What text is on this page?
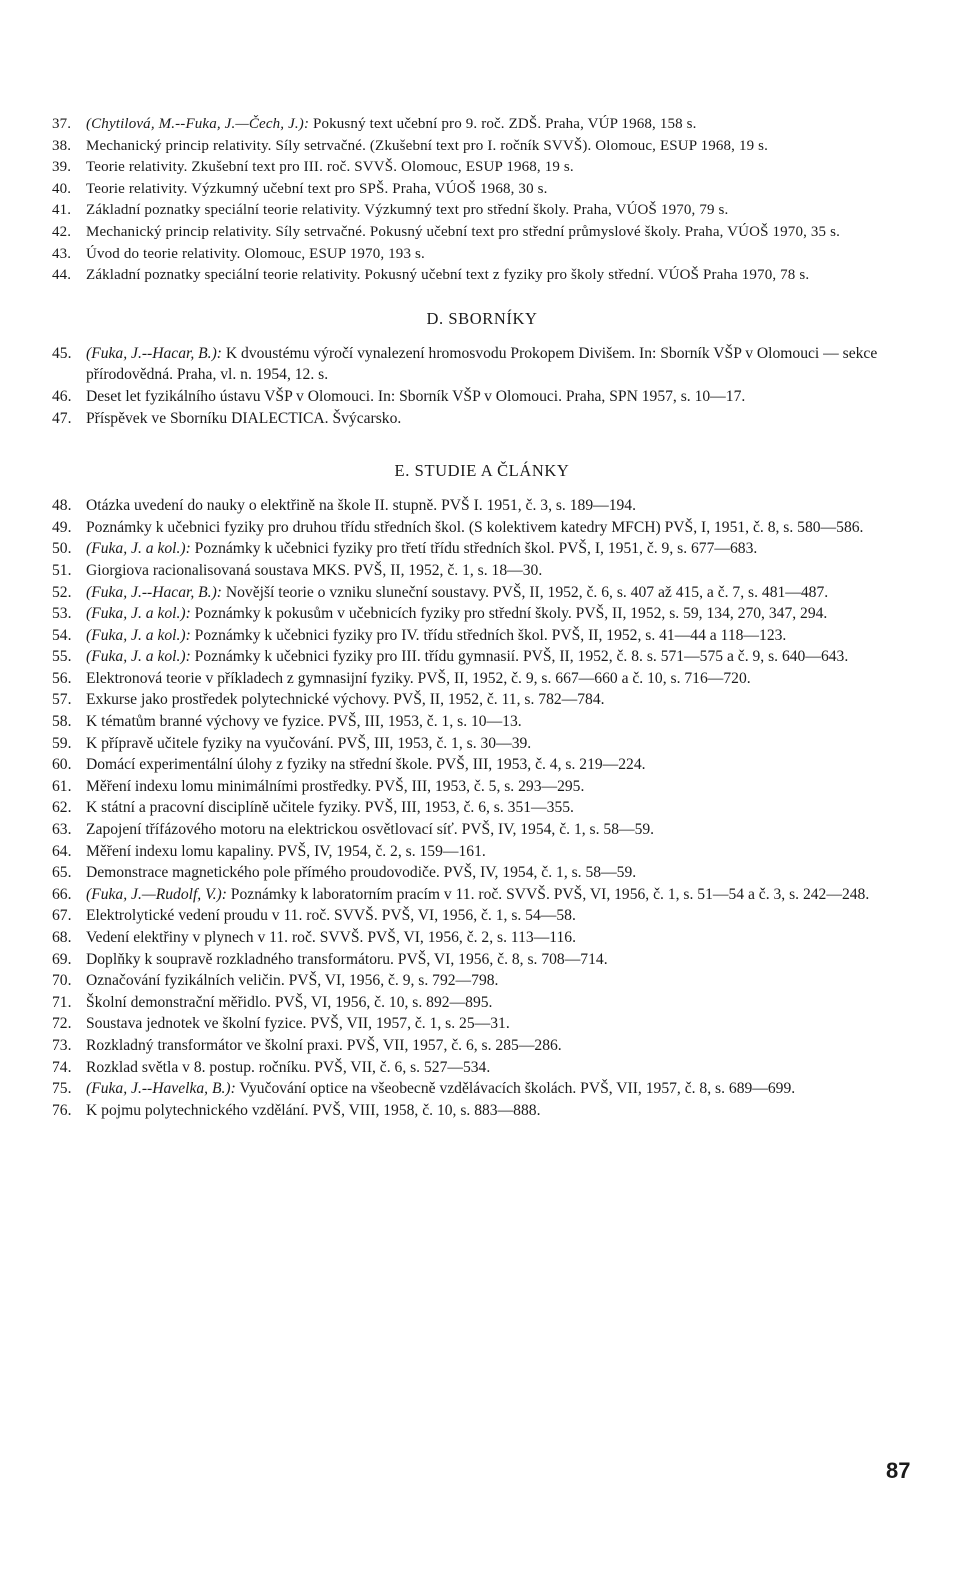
37. (Chytilová, M.--Fuka, J.—Čech, J.): Pokusný text učební pro 9. roč. ZDŠ. Praha, VÚP 1968, 158 s.
38. Mechanický princip relativity. Síly setrvačné. (Zkušební text pro I. ročník SVVŠ). Olomouc, ESUP 1968, 19 s.
39. Teorie relativity. Zkušební text pro III. roč. SVVŠ. Olomouc, ESUP 1968, 19 s.
40. Teorie relativity. Výzkumný učební text pro SPŠ. Praha, VÚOŠ 1968, 30 s.
41. Základní poznatky speciální teorie relativity. Výzkumný text pro střední školy. Praha, VÚOŠ 1970, 79 s.
42. Mechanický princip relativity. Síly setrvačné. Pokusný učební text pro střední průmyslové školy. Praha, VÚOŠ 1970, 35 s.
43. Úvod do teorie relativity. Olomouc, ESUP 1970, 193 s.
44. Základní poznatky speciální teorie relativity. Pokusný učební text z fyziky pro školy střední. VÚOŠ Praha 1970, 78 s.
D. SBORNÍKY
45. (Fuka, J.--Hacar, B.): K dvoustému výročí vynalezení hromosvodu Prokopem Divišem. In: Sborník VŠP v Olomouci — sekce přírodovědná. Praha, vl. n. 1954, 12. s.
46. Deset let fyzikálního ústavu VŠP v Olomouci. In: Sborník VŠP v Olomouci. Praha, SPN 1957, s. 10—17.
47. Příspěvek ve Sborníku DIALECTICA. Švýcarsko.
E. STUDIE A ČLÁNKY
48. Otázka uvedení do nauky o elektřině na škole II. stupně. PVŠ I. 1951, č. 3, s. 189—194.
49. Poznámky k učebnici fyziky pro druhou třídu středních škol. (S kolektivem katedry MFCH) PVŠ, I, 1951, č. 8, s. 580—586.
50. (Fuka, J. a kol.): Poznámky k učebnici fyziky pro třetí třídu středních škol. PVŠ, I, 1951, č. 9, s. 677—683.
51. Giorgiova racionalisovaná soustava MKS. PVŠ, II, 1952, č. 1, s. 18—30.
52. (Fuka, J.--Hacar, B.): Novější teorie o vzniku sluneční soustavy. PVŠ, II, 1952, č. 6, s. 407 až 415, a č. 7, s. 481—487.
53. (Fuka, J. a kol.): Poznámky k pokusům v učebnicích fyziky pro střední školy. PVŠ, II, 1952, s. 59, 134, 270, 347, 294.
54. (Fuka, J. a kol.): Poznámky k učebnici fyziky pro IV. třídu středních škol. PVŠ, II, 1952, s. 41—44 a 118—123.
55. (Fuka, J. a kol.): Poznámky k učebnici fyziky pro III. třídu gymnasií. PVŠ, II, 1952, č. 8. s. 571—575 a č. 9, s. 640—643.
56. Elektronová teorie v příkladech z gymnasijní fyziky. PVŠ, II, 1952, č. 9, s. 667—660 a č. 10, s. 716—720.
57. Exkurse jako prostředek polytechnické výchovy. PVŠ, II, 1952, č. 11, s. 782—784.
58. K tématům branné výchovy ve fyzice. PVŠ, III, 1953, č. 1, s. 10—13.
59. K přípravě učitele fyziky na vyučování. PVŠ, III, 1953, č. 1, s. 30—39.
60. Domácí experimentální úlohy z fyziky na střední škole. PVŠ, III, 1953, č. 4, s. 219—224.
61. Měření indexu lomu minimálními prostředky. PVŠ, III, 1953, č. 5, s. 293—295.
62. K státní a pracovní disciplíně učitele fyziky. PVŠ, III, 1953, č. 6, s. 351—355.
63. Zapojení třífázového motoru na elektrickou osvětlovací síť. PVŠ, IV, 1954, č. 1, s. 58—59.
64. Měření indexu lomu kapaliny. PVŠ, IV, 1954, č. 2, s. 159—161.
65. Demonstrace magnetického pole přímého proudovodiče. PVŠ, IV, 1954, č. 1, s. 58—59.
66. (Fuka, J.—Rudolf, V.): Poznámky k laboratorním pracím v 11. roč. SVVŠ. PVŠ, VI, 1956, č. 1, s. 51—54 a č. 3, s. 242—248.
67. Elektrolytické vedení proudu v 11. roč. SVVŠ. PVŠ, VI, 1956, č. 1, s. 54—58.
68. Vedení elektřiny v plynech v 11. roč. SVVŠ. PVŠ, VI, 1956, č. 2, s. 113—116.
69. Doplňky k soupravě rozkladného transformátoru. PVŠ, VI, 1956, č. 8, s. 708—714.
70. Označování fyzikálních veličin. PVŠ, VI, 1956, č. 9, s. 792—798.
71. Školní demonstrační měřidlo. PVŠ, VI, 1956, č. 10, s. 892—895.
72. Soustava jednotek ve školní fyzice. PVŠ, VII, 1957, č. 1, s. 25—31.
73. Rozkladný transformátor ve školní praxi. PVŠ, VII, 1957, č. 6, s. 285—286.
74. Rozklad světla v 8. postup. ročníku. PVŠ, VII, č. 6, s. 527—534.
75. (Fuka, J.--Havelka, B.): Vyučování optice na všeobecně vzdělávacích školách. PVŠ, VII, 1957, č. 8, s. 689—699.
76. K pojmu polytechnického vzdělání. PVŠ, VIII, 1958, č. 10, s. 883—888.
87
